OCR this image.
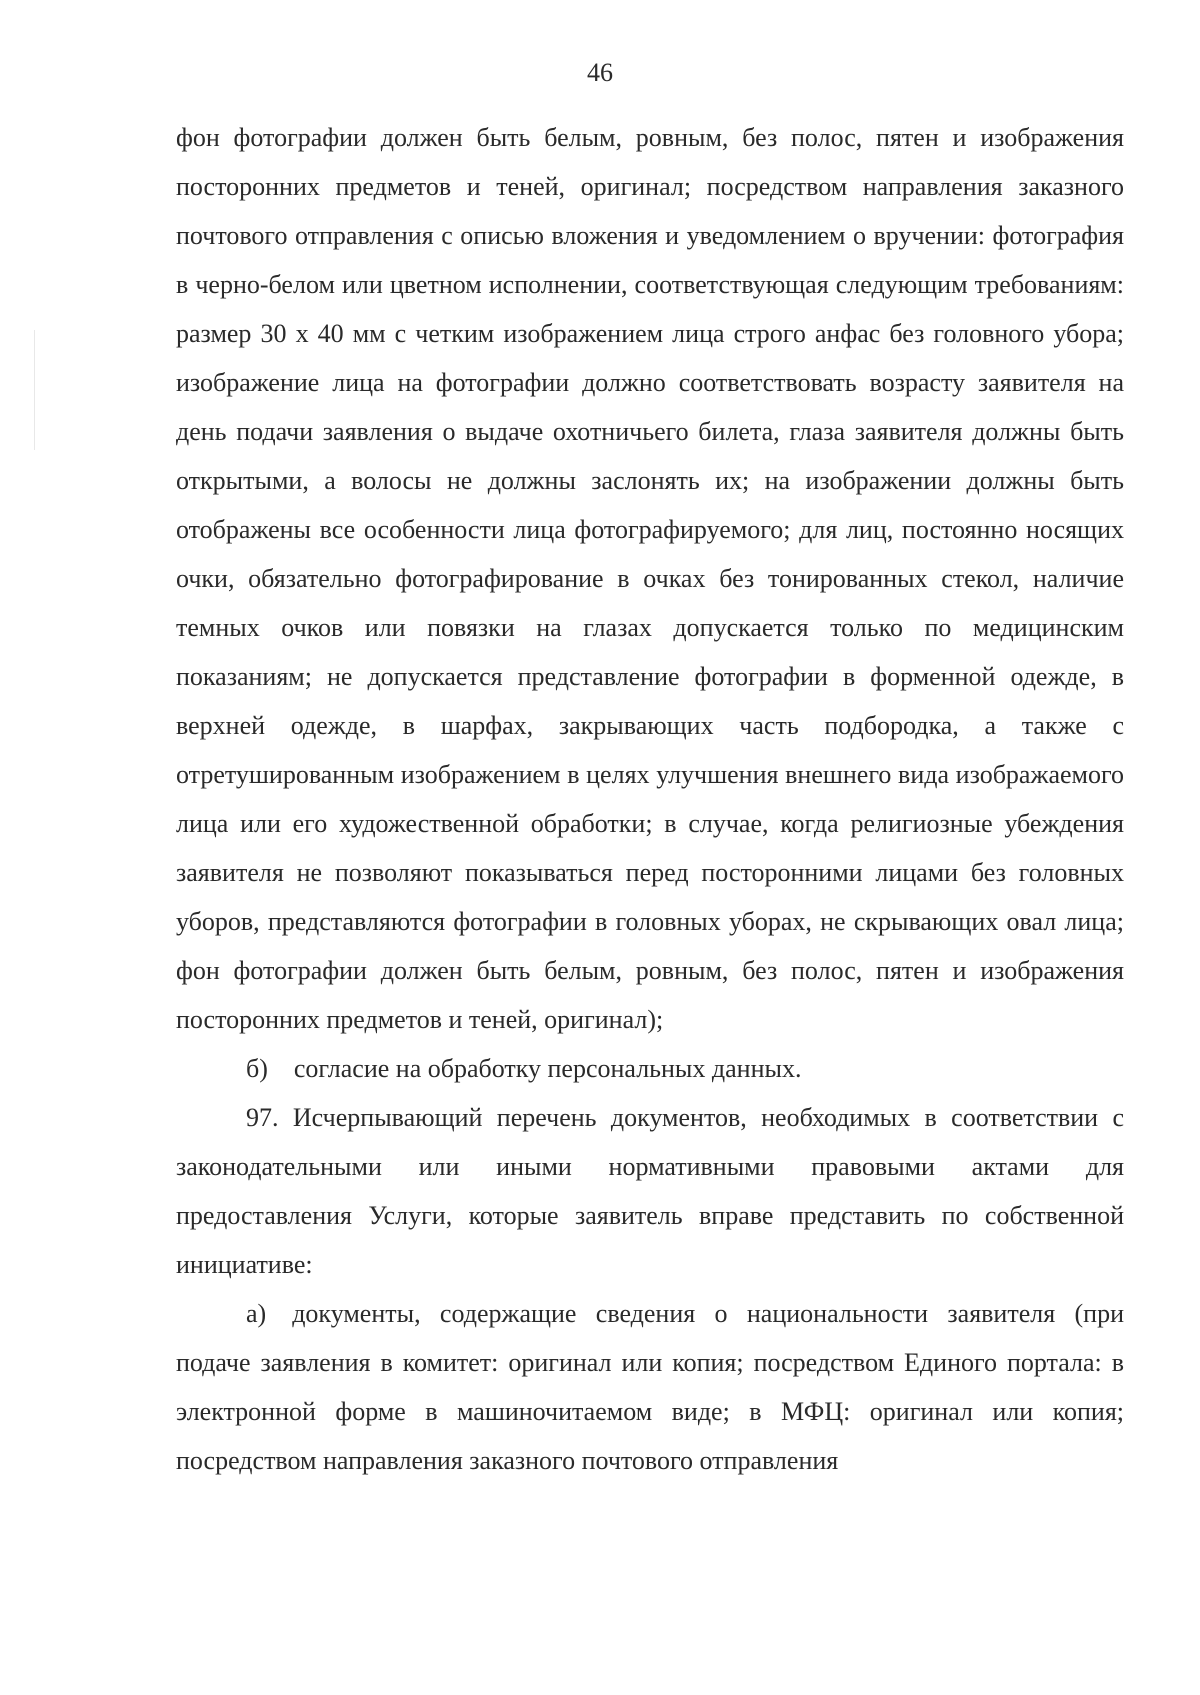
46

фон фотографии должен быть белым, ровным, без полос, пятен и изображения посторонних предметов и теней, оригинал; посредством направления заказного почтового отправления с описью вложения и уведомлением о вручении: фотография в черно-белом или цветном исполнении, соответствующая следующим требованиям: размер 30 х 40 мм с четким изображением лица строго анфас без головного убора; изображение лица на фотографии должно соответствовать возрасту заявителя на день подачи заявления о выдаче охотничьего билета, глаза заявителя должны быть открытыми, а волосы не должны заслонять их; на изображении должны быть отображены все особенности лица фотографируемого; для лиц, постоянно носящих очки, обязательно фотографирование в очках без тонированных стекол, наличие темных очков или повязки на глазах допускается только по медицинским показаниям; не допускается представление фотографии в форменной одежде, в верхней одежде, в шарфах, закрывающих часть подбородка, а также с отретушированным изображением в целях улучшения внешнего вида изображаемого лица или его художественной обработки; в случае, когда религиозные убеждения заявителя не позволяют показываться перед посторонними лицами без головных уборов, представляются фотографии в головных уборах, не скрывающих овал лица; фон фотографии должен быть белым, ровным, без полос, пятен и изображения посторонних предметов и теней, оригинал);

б) согласие на обработку персональных данных.

97. Исчерпывающий перечень документов, необходимых в соответствии с законодательными или иными нормативными правовыми актами для предоставления Услуги, которые заявитель вправе представить по собственной инициативе:

а) документы, содержащие сведения о национальности заявителя (при подаче заявления в комитет: оригинал или копия; посредством Единого портала: в электронной форме в машиночитаемом виде; в МФЦ: оригинал или копия; посредством направления заказного почтового отправления
